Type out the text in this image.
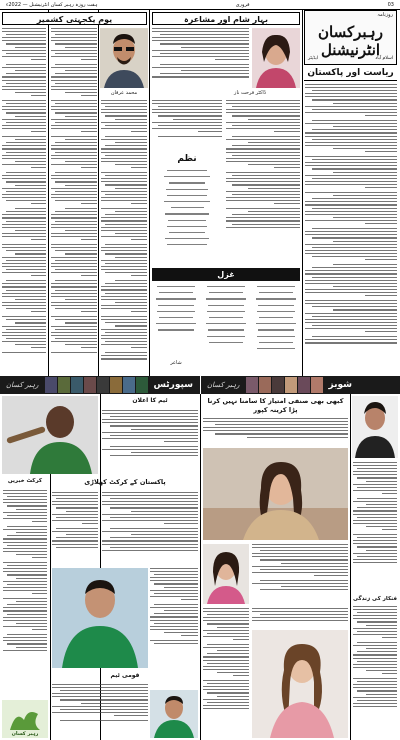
03
فروری
ہفت روزہ رہبر کسان انٹرنیشنل — 2022ء
روزنامہ
رہبرکسان انٹرنیشنل
اسلام آباد
ایڈیٹر
ریاست اور پاکستان
بہار شام اور مشاعرہ
ڈاکٹر فرحت ناز
نظم
غزل
شاعر
یوم یکجہتی کشمیر
محمد عرفان
رہبر کسان	سپورٹس	رہبر کسان	شوبز
فنکار کی زندگی
کبھی بھی صنفی امتیاز کا سامنا نہیں کرنا پڑا کرینہ کپور
ٹیم کا اعلان
پاکستان کے کرکٹ کھلاڑی
قومی ٹیم
کرکٹ خبریں
رہبر کسان
